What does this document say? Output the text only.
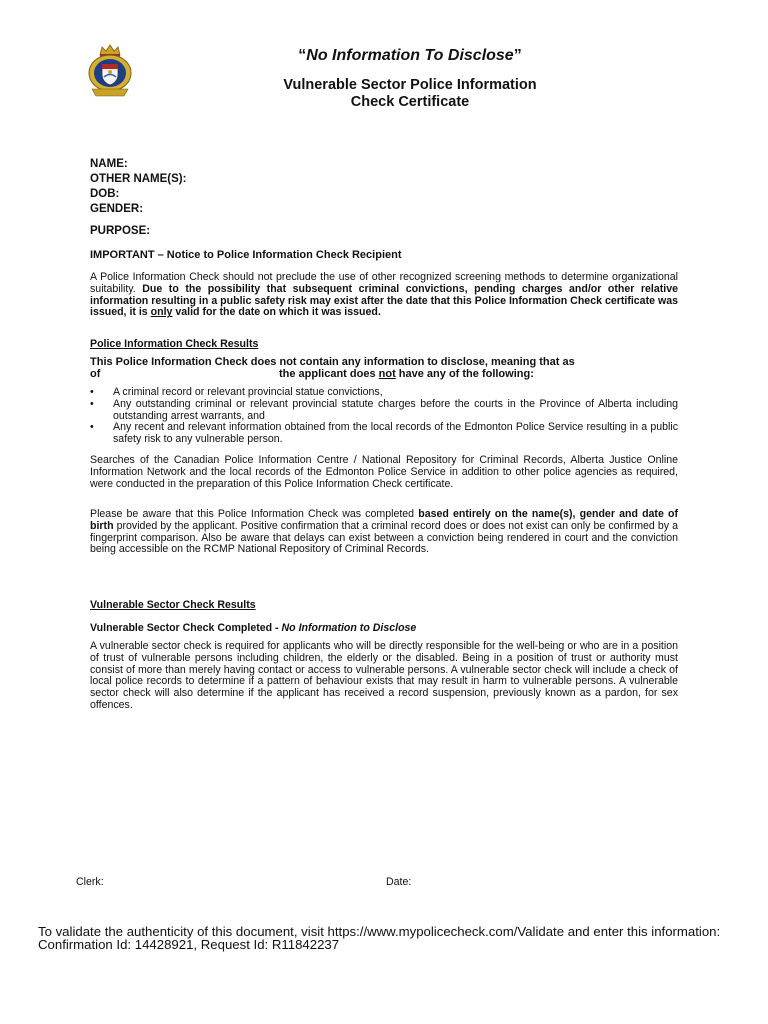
“No Information To Disclose”
Vulnerable Sector Police Information
Check Certificate
NAME:
OTHER NAME(S):
DOB:
GENDER:
PURPOSE:
IMPORTANT – Notice to Police Information Check Recipient
A Police Information Check should not preclude the use of other recognized screening methods to determine organizational suitability. Due to the possibility that subsequent criminal convictions, pending charges and/or other relative information resulting in a public safety risk may exist after the date that this Police Information Check certificate was issued, it is only valid for the date on which it was issued.
Police Information Check Results
This Police Information Check does not contain any information to disclose, meaning that as
of	the applicant does not have any of the following:
• A criminal record or relevant provincial statue convictions,
• Any outstanding criminal or relevant provincial statute charges before the courts in the Province of Alberta including outstanding arrest warrants, and
• Any recent and relevant information obtained from the local records of the Edmonton Police Service resulting in a public safety risk to any vulnerable person.
Searches of the Canadian Police Information Centre / National Repository for Criminal Records, Alberta Justice Online Information Network and the local records of the Edmonton Police Service in addition to other police agencies as required, were conducted in the preparation of this Police Information Check certificate.
Please be aware that this Police Information Check was completed based entirely on the name(s), gender and date of birth provided by the applicant. Positive confirmation that a criminal record does or does not exist can only be confirmed by a fingerprint comparison. Also be aware that delays can exist between a conviction being rendered in court and the conviction being accessible on the RCMP National Repository of Criminal Records.
Vulnerable Sector Check Results
Vulnerable Sector Check Completed - No Information to Disclose
A vulnerable sector check is required for applicants who will be directly responsible for the well-being or who are in a position of trust of vulnerable persons including children, the elderly or the disabled. Being in a position of trust or authority must consist of more than merely having contact or access to vulnerable persons. A vulnerable sector check will include a check of local police records to determine if a pattern of behaviour exists that may result in harm to vulnerable persons. A vulnerable sector check will also determine if the applicant has received a record suspension, previously known as a pardon, for sex offences.
Clerk:	Date:
To validate the authenticity of this document, visit https://www.mypolicecheck.com/Validate and enter this information:
Confirmation Id: 14428921, Request Id: R11842237
